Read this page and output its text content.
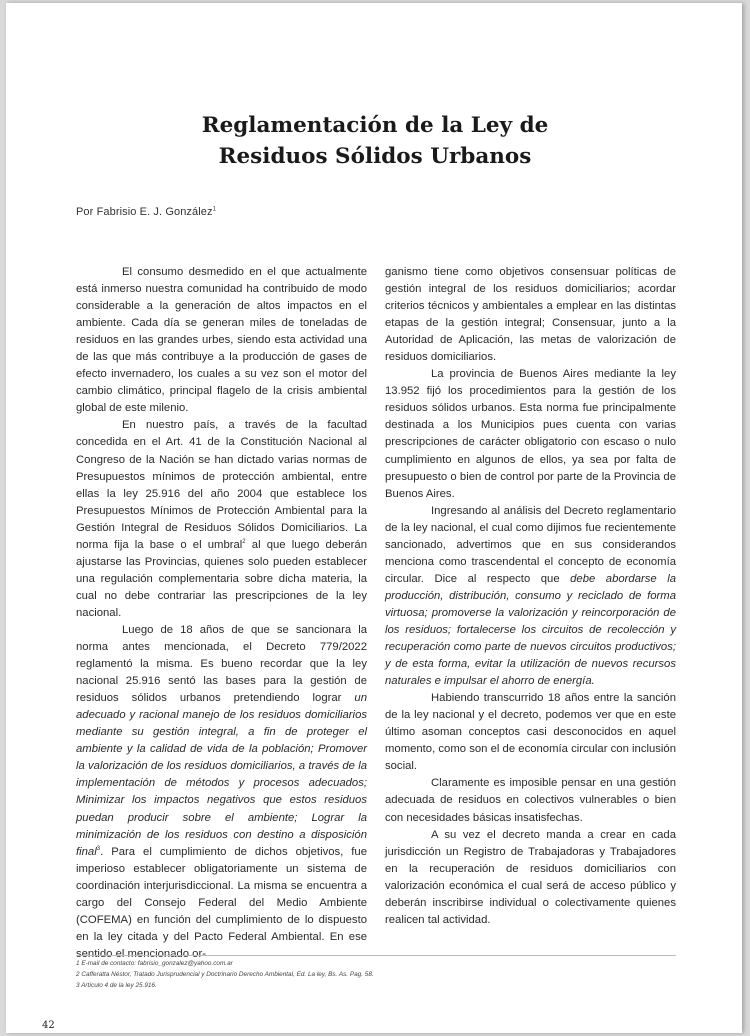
Reglamentación de la Ley de
Residuos Sólidos Urbanos
Por Fabrisio E. J. González$^1$

El consumo desmedido en el que actualmente está inmerso nuestra comunidad ha contribuido de modo considerable a la generación de altos impactos en el ambiente. Cada día se generan miles de toneladas de residuos en las grandes urbes, siendo esta actividad una de las que más contribuye a la producción de gases de efecto invernadero, los cuales a su vez son el motor del cambio climático, principal flagelo de la crisis ambiental global de este milenio.

En nuestro país, a través de la facultad concedida en el Art. 41 de la Constitución Nacional al Congreso de la Nación se han dictado varias normas de Presupuestos mínimos de protección ambiental, entre ellas la ley 25.916 del año 2004 que establece los Presupuestos Mínimos de Protección Ambiental para la Gestión Integral de Residuos Sólidos Domiciliarios. La norma fija la base o el umbral$^2$ al que luego deberán ajustarse las Provincias, quienes solo pueden establecer una regulación complementaria sobre dicha materia, la cual no debe contrariar las prescripciones de la ley nacional.

Luego de 18 años de que se sancionara la norma antes mencionada, el Decreto 779/2022 reglamentó la misma. Es bueno recordar que la ley nacional 25.916 sentó las bases para la gestión de residuos sólidos urbanos pretendiendo lograr un adecuado y racional manejo de los residuos domiciliarios mediante su gestión integral, a fin de proteger el ambiente y la calidad de vida de la población; Promover la valorización de los residuos domiciliarios, a través de la implementación de métodos y procesos adecuados; Minimizar los impactos negativos que estos residuos puedan producir sobre el ambiente; Lograr la minimización de los residuos con destino a disposición final$^3$. Para el cumplimiento de dichos objetivos, fue imperioso establecer obligatoriamente un sistema de coordinación interjurisdiccional. La misma se encuentra a cargo del Consejo Federal del Medio Ambiente (COFEMA) en función del cumplimiento de lo dispuesto en la ley citada y del Pacto Federal Ambiental. En ese sentido el mencionado or-

ganismo tiene como objetivos consensuar políticas de gestión integral de los residuos domiciliarios; acordar criterios técnicos y ambientales a emplear en las distintas etapas de la gestión integral; Consensuar, junto a la Autoridad de Aplicación, las metas de valorización de residuos domiciliarios.

La provincia de Buenos Aires mediante la ley 13.952 fijó los procedimientos para la gestión de los residuos sólidos urbanos. Esta norma fue principalmente destinada a los Municipios pues cuenta con varias prescripciones de carácter obligatorio con escaso o nulo cumplimiento en algunos de ellos, ya sea por falta de presupuesto o bien de control por parte de la Provincia de Buenos Aires.

Ingresando al análisis del Decreto reglamentario de la ley nacional, el cual como dijimos fue recientemente sancionado, advertimos que en sus considerandos menciona como trascendental el concepto de economía circular. Dice al respecto que debe abordarse la producción, distribución, consumo y reciclado de forma virtuosa; promoverse la valorización y reincorporación de los residuos; fortalecerse los circuitos de recolección y recuperación como parte de nuevos circuitos productivos; y de esta forma, evitar la utilización de nuevos recursos naturales e impulsar el ahorro de energía.

Habiendo transcurrido 18 años entre la sanción de la ley nacional y el decreto, podemos ver que en este último asoman conceptos casi desconocidos en aquel momento, como son el de economía circular con inclusión social.

Claramente es imposible pensar en una gestión adecuada de residuos en colectivos vulnerables o bien con necesidades básicas insatisfechas.

A su vez el decreto manda a crear en cada jurisdicción un Registro de Trabajadoras y Trabajadores en la recuperación de residuos domiciliarios con valorización económica el cual será de acceso público y deberán inscribirse individual o colectivamente quienes realicen tal actividad.

1 E-mail de contacto: fabrisio_gonzalez@yahoo.com.ar
2 Cafferatta Néstor, Tratado Jurisprudencial y Doctrinario Derecho Ambiental, Ed. La ley, Bs. As. Pag. 58.
3 Artículo 4 de la ley 25.916.
42
